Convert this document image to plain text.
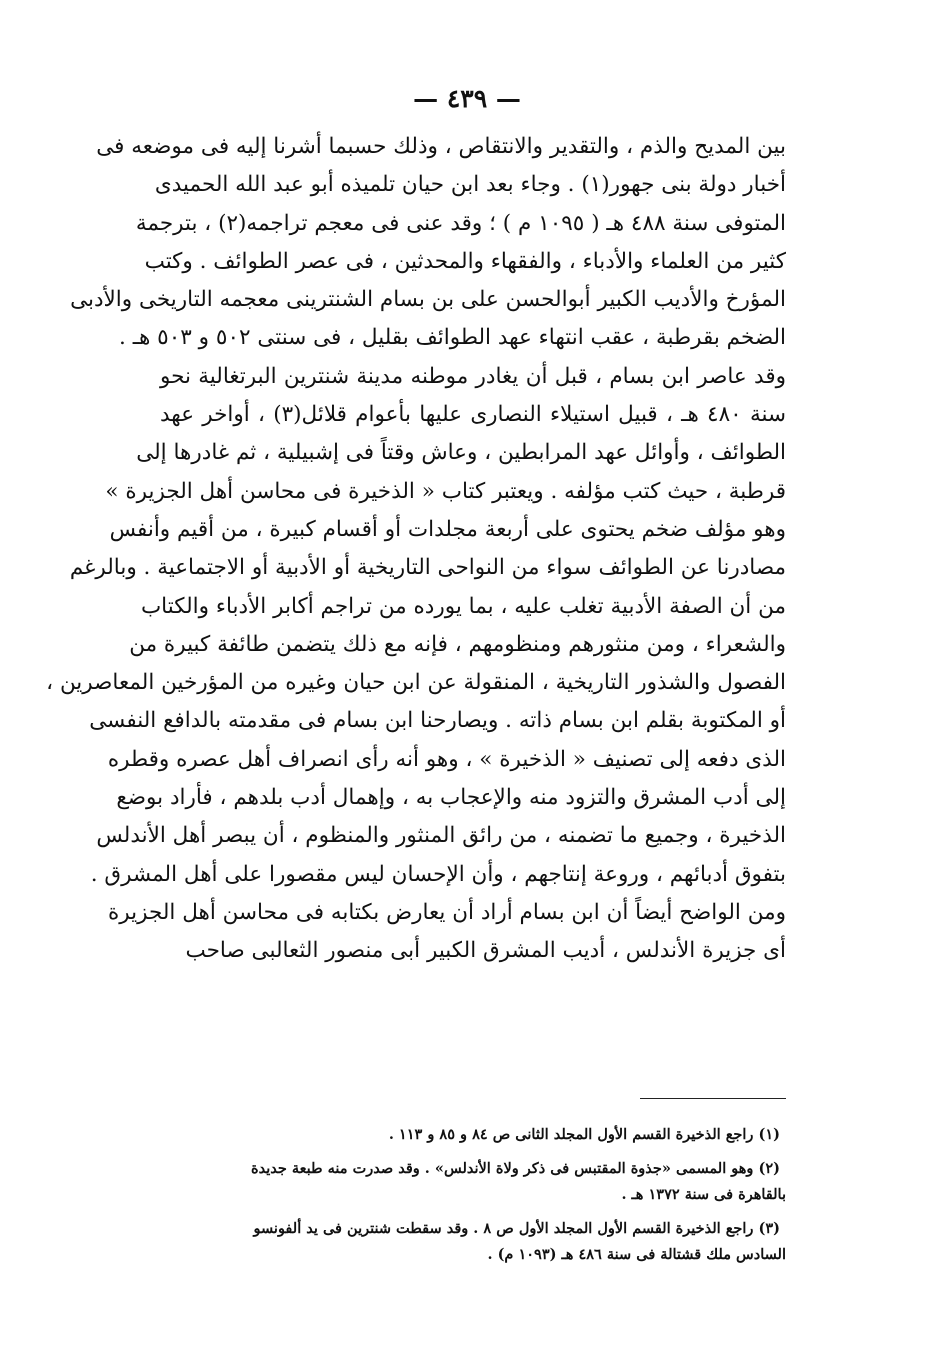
— ٤٣٩ —
بين المديح والذم ، والتقدير والانتقاص ، وذلك حسبما أشرنا إليه فى موضعه فى
أخبار دولة بنى جهور(١) . وجاء بعد ابن حيان تلميذه أبو عبد الله الحميدى
المتوفى سنة ٤٨٨ هـ ( ١٠٩٥ م ) ؛ وقد عنى فى معجم تراجمه(٢) ، بترجمة
كثير من العلماء والأدباء ، والفقهاء والمحدثين ، فى عصر الطوائف . وكتب
المؤرخ والأديب الكبير أبوالحسن على بن بسام الشنترينى معجمه التاريخى والأدبى
الضخم بقرطبة ، عقب انتهاء عهد الطوائف بقليل ، فى سنتى ٥٠٢ و ٥٠٣ هـ .
وقد عاصر ابن بسام ، قبل أن يغادر موطنه مدينة شنترين البرتغالية نحو
سنة ٤٨٠ هـ ، قبيل استيلاء النصارى عليها بأعوام قلائل(٣) ، أواخر عهد
الطوائف ، وأوائل عهد المرابطين ، وعاش وقتاً فى إشبيلية ، ثم غادرها إلى
قرطبة ، حيث كتب مؤلفه . ويعتبر كتاب « الذخيرة فى محاسن أهل الجزيرة »
وهو مؤلف ضخم يحتوى على أربعة مجلدات أو أقسام كبيرة ، من أقيم وأنفس
مصادرنا عن الطوائف سواء من النواحى التاريخية أو الأدبية أو الاجتماعية . وبالرغم
من أن الصفة الأدبية تغلب عليه ، بما يورده من تراجم أكابر الأدباء والكتاب
والشعراء ، ومن منثورهم ومنظومهم ، فإنه مع ذلك يتضمن طائفة كبيرة من
الفصول والشذور التاريخية ، المنقولة عن ابن حيان وغيره من المؤرخين المعاصرين ،
أو المكتوبة بقلم ابن بسام ذاته . ويصارحنا ابن بسام فى مقدمته بالدافع النفسى
الذى دفعه إلى تصنيف « الذخيرة » ، وهو أنه رأى انصراف أهل عصره وقطره
إلى أدب المشرق والتزود منه والإعجاب به ، وإهمال أدب بلدهم ، فأراد بوضع
الذخيرة ، وجميع ما تضمنه ، من رائق المنثور والمنظوم ، أن يبصر أهل الأندلس
بتفوق أدبائهم ، وروعة إنتاجهم ، وأن الإحسان ليس مقصورا على أهل المشرق .
ومن الواضح أيضاً أن ابن بسام أراد أن يعارض بكتابه فى محاسن أهل الجزيرة
أى جزيرة الأندلس ، أديب المشرق الكبير أبى منصور الثعالبى صاحب
(١) راجع الذخيرة القسم الأول المجلد الثانى ص ٨٤ و ٨٥ و ١١٣ .
(٢) وهو المسمى «جذوة المقتبس فى ذكر ولاة الأندلس» . وقد صدرت منه طبعة جديدة
بالقاهرة فى سنة ١٣٧٢ هـ .
(٣) راجع الذخيرة القسم الأول المجلد الأول ص ٨ . وقد سقطت شنترين فى يد ألفونسو
السادس ملك قشتالة فى سنة ٤٨٦ هـ (١٠٩٣ م) .
